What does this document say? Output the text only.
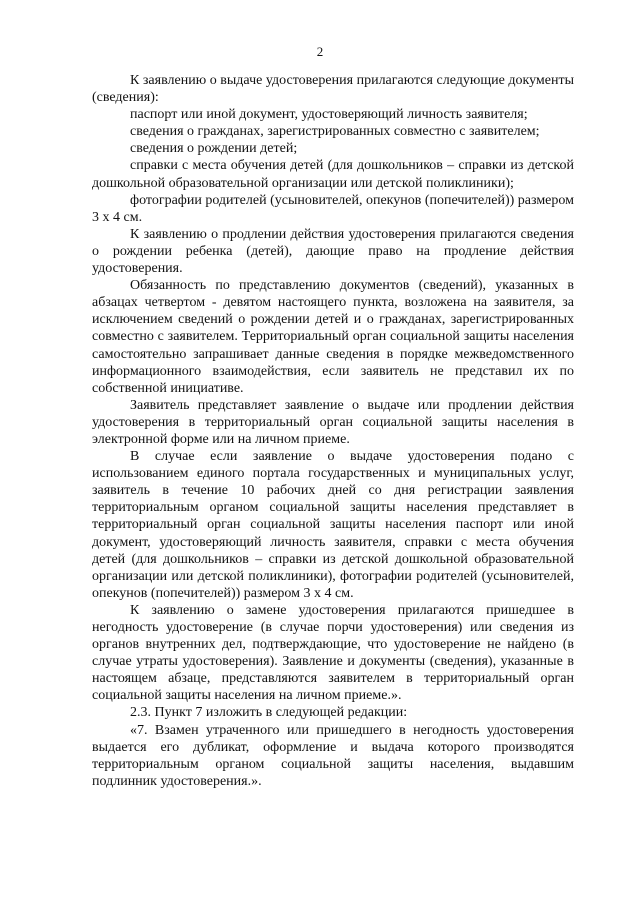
2

К заявлению о выдаче удостоверения прилагаются следующие документы (сведения):

паспорт или иной документ, удостоверяющий личность заявителя;

сведения о гражданах, зарегистрированных совместно с заявителем;

сведения о рождении детей;

справки с места обучения детей (для дошкольников – справки из детской дошкольной образовательной организации или детской поликлиники);

фотографии родителей (усыновителей, опекунов (попечителей)) размером 3 x 4 см.

К заявлению о продлении действия удостоверения прилагаются сведения о рождении ребенка (детей), дающие право на продление действия удостоверения.

Обязанность по представлению документов (сведений), указанных в абзацах четвертом - девятом настоящего пункта, возложена на заявителя, за исключением сведений о рождении детей и о гражданах, зарегистрированных совместно с заявителем. Территориальный орган социальной защиты населения самостоятельно запрашивает данные сведения в порядке межведомственного информационного взаимодействия, если заявитель не представил их по собственной инициативе.

Заявитель представляет заявление о выдаче или продлении действия удостоверения в территориальный орган социальной защиты населения в электронной форме или на личном приеме.

В случае если заявление о выдаче удостоверения подано с использованием единого портала государственных и муниципальных услуг, заявитель в течение 10 рабочих дней со дня регистрации заявления территориальным органом социальной защиты населения представляет в территориальный орган социальной защиты населения паспорт или иной документ, удостоверяющий личность заявителя, справки с места обучения детей (для дошкольников – справки из детской дошкольной образовательной организации или детской поликлиники), фотографии родителей (усыновителей, опекунов (попечителей)) размером 3 x 4 см.

К заявлению о замене удостоверения прилагаются пришедшее в негодность удостоверение (в случае порчи удостоверения) или сведения из органов внутренних дел, подтверждающие, что удостоверение не найдено (в случае утраты удостоверения). Заявление и документы (сведения), указанные в настоящем абзаце, представляются заявителем в территориальный орган социальной защиты населения на личном приеме.».

2.3. Пункт 7 изложить в следующей редакции:

«7. Взамен утраченного или пришедшего в негодность удостоверения выдается его дубликат, оформление и выдача которого производятся территориальным органом социальной защиты населения, выдавшим подлинник удостоверения.».
